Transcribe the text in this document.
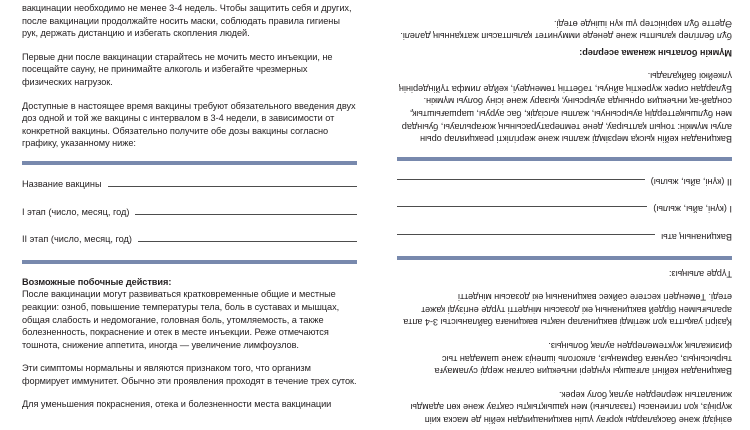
вакцинации необходимо не менее 3-4 недель. Чтобы защитить себя и других, после вакцинации продолжайте носить маски, соблюдать правила гигиены рук, держать дистанцию и избегать скопления людей.

Первые дни после вакцинации старайтесь не мочить место инъекции, не посещайте сауну, не принимайте алкоголь и избегайте чрезмерных физических нагрузок.

Доступные в настоящее время вакцины требуют обязательного введения двух доз одной и той же вакцины с интервалом в 3-4 недели, в зависимости от конкретной вакцины. Обязательно получите обе дозы вакцины согласно графику, указанному ниже:

Название вакцины
I этап (число, месяц, год)
II этап (число, месяц, год)

Возможные побочные действия:

После вакцинации могут развиваться кратковременные общие и местные реакции: озноб, повышение температуры тела, боль в суставах и мышцах, общая слабость и недомогание, головная боль, утомляемость, а также болезненность, покраснение и отек в месте инъекции. Реже отмечаются тошнота, снижение аппетита, иногда — увеличение лимфоузлов.

Эти симптомы нормальны и являются признаком того, что организм формирует иммунитет. Обычно эти проявления проходят в течение трех суток.

Для уменьшения покраснения, отека и болезненности места вакцинации

өзіңізді және басқаларды қорғау үшін вакцинациядан кейін де маска киіп жүріңіз, қол гигиенасы (тазалығы) мен қашықтықты сақтау және көп адамды жиналатын жерлерден аулақ болу керек.

Вакцинадан кейінгі алғашқы күндері инъекция салған жерді суламауға тырысыңыз, саунаға бармаңыз, алкоголь ішпеңіз және шамадан тыс физикалық жүктемелерден аулақ болыңыз.

Қазіргі уақытта қол жетімді вакциналар нақты вакцинаға байланысты 3-4 апта аралығымен бірдей вакцинаның екі дозасын міндетті түрде енгізуді қажет етеді. Төмендегі кестеге сәйкес вакцинаның екі дозасын міндетті

Түрде алыңыз:

Вакцинаның аты
I (күні, айы, жылы)
II (күні, айы, жылы)

Вакцинадан кейін қысқа мерзімді жалпы және жергілікті реакциялар орын алуы мүмкін: тоңып қалтырау, дене температурасының жоғарылауы, буындар мен бұлшықеттердің ауырсынуы, жалпы әлсіздік, бас ауруы, шаршағыштық, сондай-ақ инъекция орнында ауырсыну, қызару және ісіну болуы мүмкін. Бұлардан сирек жүректің айнуы, тәбеттің төмендеуі, кейде лимфа түйіндерінің үлкейюі байқалады.

Мүмкін болатын жанама әсерлер:

бұл белгілер қалыпты және денеде иммунитет қалыптасып жатқанның дәлелі. Әдетте бұл көріністер үш күн ішінде өтеді.
